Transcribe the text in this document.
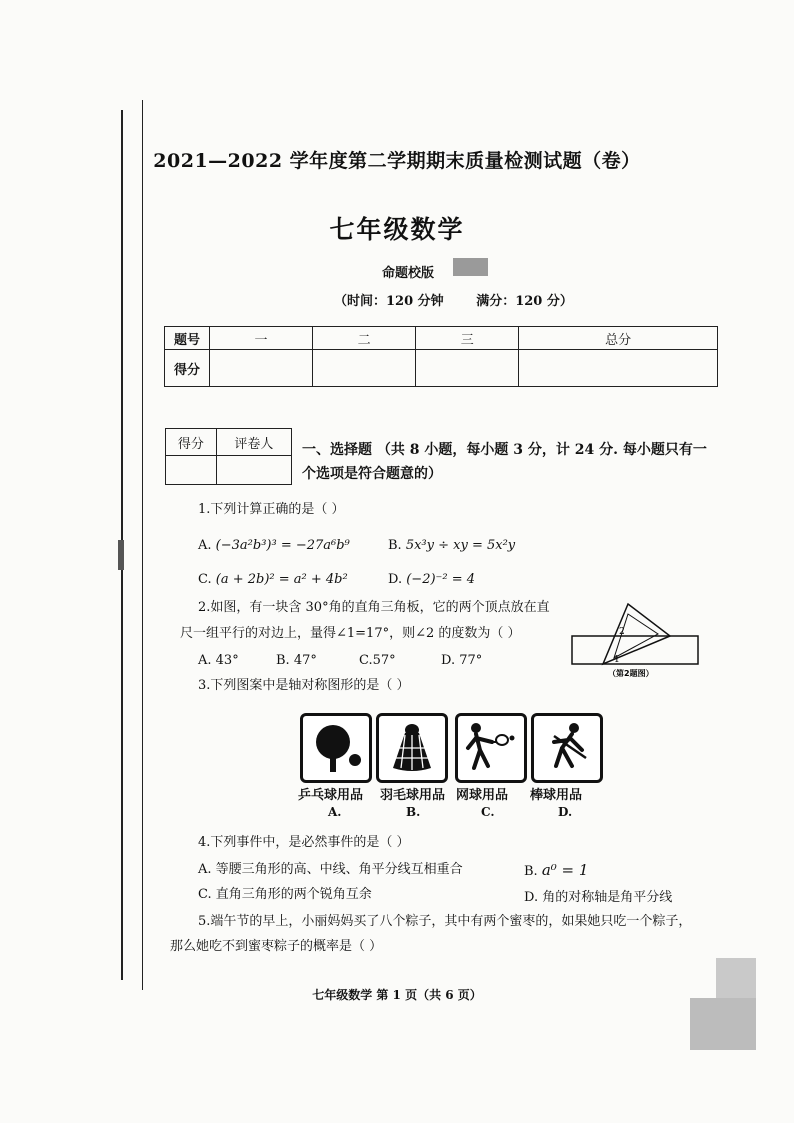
2021—2022 学年度第二学期期末质量检测试题（卷）
七年级数学
命题校版
（时间：120 分钟	满分：120 分）
题号	一	二	三	总分
得分				
得分	评卷人
	一、选择题 （共 8 小题，每小题 3 分，计 24 分. 每小题只有一个选项是符合题意的）
1.下列计算正确的是（ ）
A. (−3a²b³)³ = −27a⁶b⁹	B. 5x³y ÷ xy = 5x²y
C. (a + 2b)² = a² + 4b²	D. (−2)⁻² = 4
2.如图，有一块含 30°角的直角三角板，它的两个顶点放在直
尺一组平行的对边上，量得∠1=17°，则∠2 的度数为（ ）
A. 43°	B. 47°	C.57°	D. 77°
2
1
（第2题图）
3.下列图案中是轴对称图形的是（ ）
乒乓球用品 羽毛球用品 网球用品 棒球用品
A.	B.	C.	D.
4.下列事件中，是必然事件的是（ ）
A. 等腰三角形的高、中线、角平分线互相重合	B. a⁰ = 1
C. 直角三角形的两个锐角互余	D. 角的对称轴是角平分线
5.端午节的早上，小丽妈妈买了八个粽子，其中有两个蜜枣的，如果她只吃一个粽子，
那么她吃不到蜜枣粽子的概率是（ ）
七年级数学 第 1 页（共 6 页）
